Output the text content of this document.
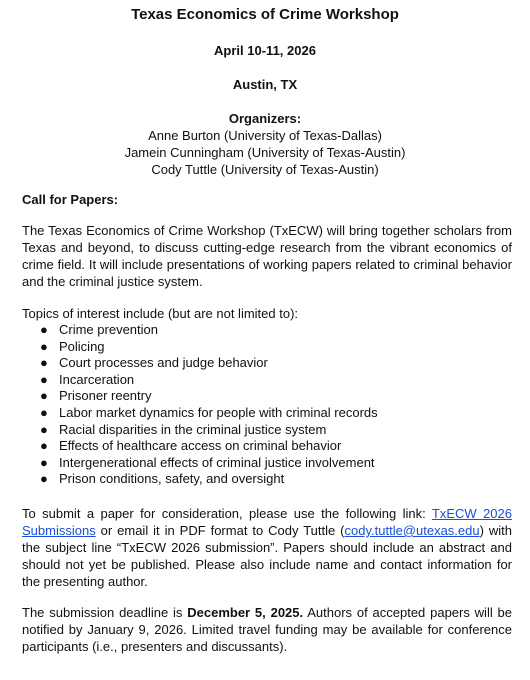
Texas Economics of Crime Workshop
April 10-11, 2026
Austin, TX
Organizers:
Anne Burton (University of Texas-Dallas)
Jamein Cunningham (University of Texas-Austin)
Cody Tuttle (University of Texas-Austin)
Call for Papers:
The Texas Economics of Crime Workshop (TxECW) will bring together scholars from Texas and beyond, to discuss cutting-edge research from the vibrant economics of crime field. It will include presentations of working papers related to criminal behavior and the criminal justice system.
Topics of interest include (but are not limited to):
● Crime prevention
● Policing
● Court processes and judge behavior
● Incarceration
● Prisoner reentry
● Labor market dynamics for people with criminal records
● Racial disparities in the criminal justice system
● Effects of healthcare access on criminal behavior
● Intergenerational effects of criminal justice involvement
● Prison conditions, safety, and oversight
To submit a paper for consideration, please use the following link: TxECW 2026 Submissions or email it in PDF format to Cody Tuttle (cody.tuttle@utexas.edu) with the subject line “TxECW 2026 submission”. Papers should include an abstract and should not yet be published. Please also include name and contact information for the presenting author.
The submission deadline is December 5, 2025. Authors of accepted papers will be notified by January 9, 2026. Limited travel funding may be available for conference participants (i.e., presenters and discussants).
